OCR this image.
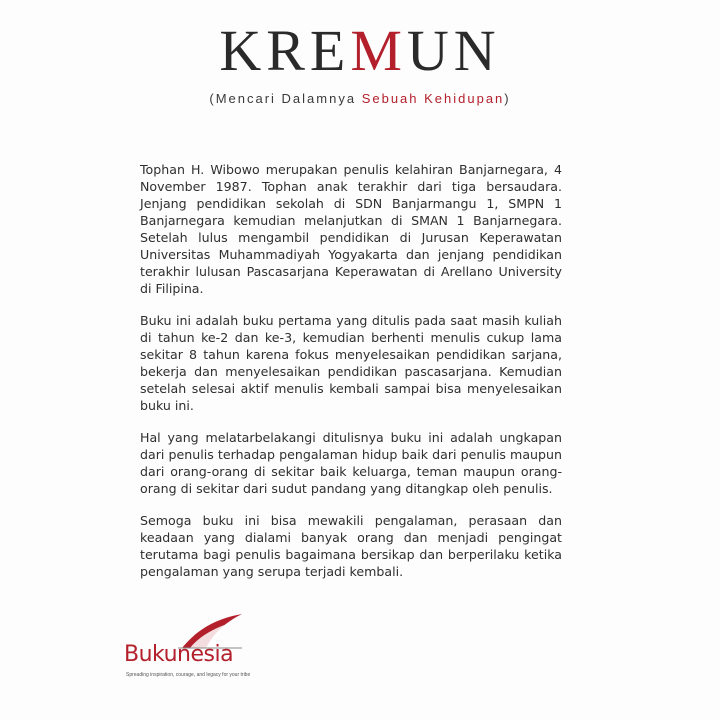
KREMUN
(Mencari Dalamnya Sebuah Kehidupan)

Tophan H. Wibowo merupakan penulis kelahiran Banjarnegara, 4 November 1987. Tophan anak terakhir dari tiga bersaudara. Jenjang pendidikan sekolah di SDN Banjarmangu 1, SMPN 1 Banjarnegara kemudian melanjutkan di SMAN 1 Banjarnegara. Setelah lulus mengambil pendidikan di Jurusan Keperawatan Universitas Muhammadiyah Yogyakarta dan jenjang pendidikan terakhir lulusan Pascasarjana Keperawatan di Arellano University di Filipina.

Buku ini adalah buku pertama yang ditulis pada saat masih kuliah di tahun ke-2 dan ke-3, kemudian berhenti menulis cukup lama sekitar 8 tahun karena fokus menyelesaikan pendidikan sarjana, bekerja dan menyelesaikan pendidikan pascasarjana. Kemudian setelah selesai aktif menulis kembali sampai bisa menyelesaikan buku ini.

Hal yang melatarbelakangi ditulisnya buku ini adalah ungkapan dari penulis terhadap pengalaman hidup baik dari penulis maupun dari orang-orang di sekitar baik keluarga, teman maupun orang-orang di sekitar dari sudut pandang yang ditangkap oleh penulis.

Semoga buku ini bisa mewakili pengalaman, perasaan dan keadaan yang dialami banyak orang dan menjadi pengingat terutama bagi penulis bagaimana bersikap dan berperilaku ketika pengalaman yang serupa terjadi kembali.

Bukunesia
Spreading inspiration, courage, and legacy for your tribe
